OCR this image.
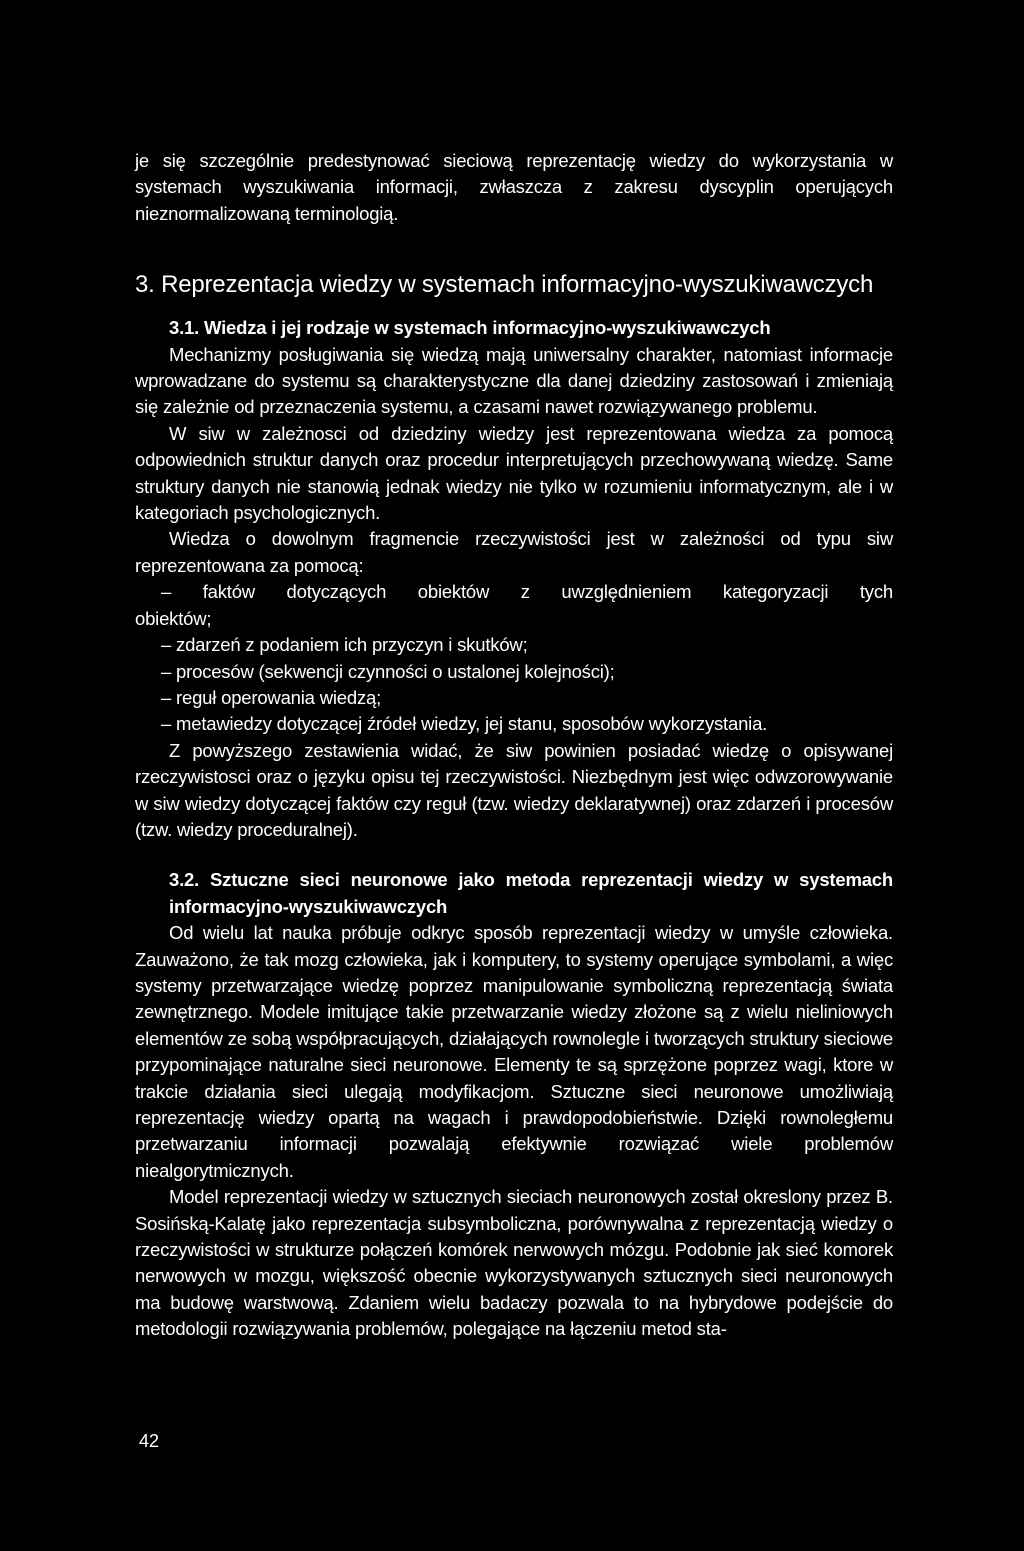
je się szczególnie predestynować sieciową reprezentację wiedzy do wykorzystania w systemach wyszukiwania informacji, zwłaszcza z zakresu dyscyplin operujących nieznormalizowaną terminologią.

3. Reprezentacja wiedzy w systemach informacyjno-wyszukiwawczych
3.1. Wiedza i jej rodzaje w systemach informacyjno-wyszukiwawczych

Mechanizmy posługiwania się wiedzą mają uniwersalny charakter, natomiast informacje wprowadzane do systemu są charakterystyczne dla danej dziedziny zastosowań i zmieniają się zależnie od przeznaczenia systemu, a czasami nawet rozwiązywanego problemu.

W siw w zależnosci od dziedziny wiedzy jest reprezentowana wiedza za pomocą odpowiednich struktur danych oraz procedur interpretujących przechowywaną wiedzę. Same struktury danych nie stanowią jednak wiedzy nie tylko w rozumieniu informatycznym, ale i w kategoriach psychologicznych.

Wiedza o dowolnym fragmencie rzeczywistości jest w zależności od typu siw reprezentowana za pomocą:

– faktów dotyczących obiektów z uwzględnieniem kategoryzacji tych

obiektów;

– zdarzeń z podaniem ich przyczyn i skutków;

– procesów (sekwencji czynności o ustalonej kolejności);

– reguł operowania wiedzą;

– metawiedzy dotyczącej źródeł wiedzy, jej stanu, sposobów wykorzystania.

Z powyższego zestawienia widać, że siw powinien posiadać wiedzę o opisywanej rzeczywistosci oraz o języku opisu tej rzeczywistości. Niezbędnym jest więc odwzorowywanie w siw wiedzy dotyczącej faktów czy reguł (tzw. wiedzy deklaratywnej) oraz zdarzeń i procesów (tzw. wiedzy proceduralnej).

3.2. Sztuczne sieci neuronowe jako metoda reprezentacji wiedzy w systemach informacyjno-wyszukiwawczych

Od wielu lat nauka próbuje odkryc sposób reprezentacji wiedzy w umyśle człowieka. Zauważono, że tak mozg człowieka, jak i komputery, to systemy operujące symbolami, a więc systemy przetwarzające wiedzę poprzez manipulowanie symboliczną reprezentacją świata zewnętrznego. Modele imitujące takie przetwarzanie wiedzy złożone są z wielu nieliniowych elementów ze sobą współpracujących, działających rownolegle i tworzących struktury sieciowe przypominające naturalne sieci neuronowe. Elementy te są sprzężone poprzez wagi, ktore w trakcie działania sieci ulegają modyfikacjom. Sztuczne sieci neuronowe umożliwiają reprezentację wiedzy opartą na wagach i prawdopodobieństwie. Dzięki rownoległemu przetwarzaniu informacji pozwalają efektywnie rozwiązać wiele problemów niealgorytmicznych.

Model reprezentacji wiedzy w sztucznych sieciach neuronowych został okreslony przez B. Sosińską-Kalatę jako reprezentacja subsymboliczna, porównywalna z reprezentacją wiedzy o rzeczywistości w strukturze połączeń komórek nerwowych mózgu. Podobnie jak sieć komorek nerwowych w mozgu, większość obecnie wykorzystywanych sztucznych sieci neuronowych ma budowę warstwową. Zdaniem wielu badaczy pozwala to na hybrydowe podejście do metodologii rozwiązywania problemów, polegające na łączeniu metod sta-

42
